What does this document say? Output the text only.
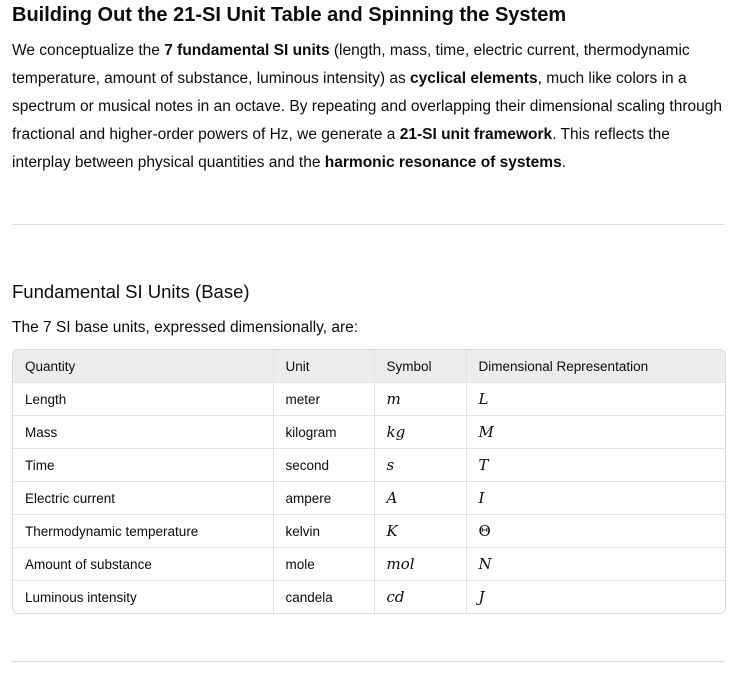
Building Out the 21-SI Unit Table and Spinning the System

We conceptualize the 7 fundamental SI units (length, mass, time, electric current, thermodynamic temperature, amount of substance, luminous intensity) as cyclical elements, much like colors in a spectrum or musical notes in an octave. By repeating and overlapping their dimensional scaling through fractional and higher-order powers of Hz, we generate a 21-SI unit framework. This reflects the interplay between physical quantities and the harmonic resonance of systems.

Fundamental SI Units (Base)

The 7 SI base units, expressed dimensionally, are:

Quantity	Unit	Symbol	Dimensional Representation
Length	meter	m	L
Mass	kilogram	kg	M
Time	second	s	T
Electric current	ampere	A	I
Thermodynamic temperature	kelvin	K	Θ
Amount of substance	mole	mol	N
Luminous intensity	candela	cd	J
